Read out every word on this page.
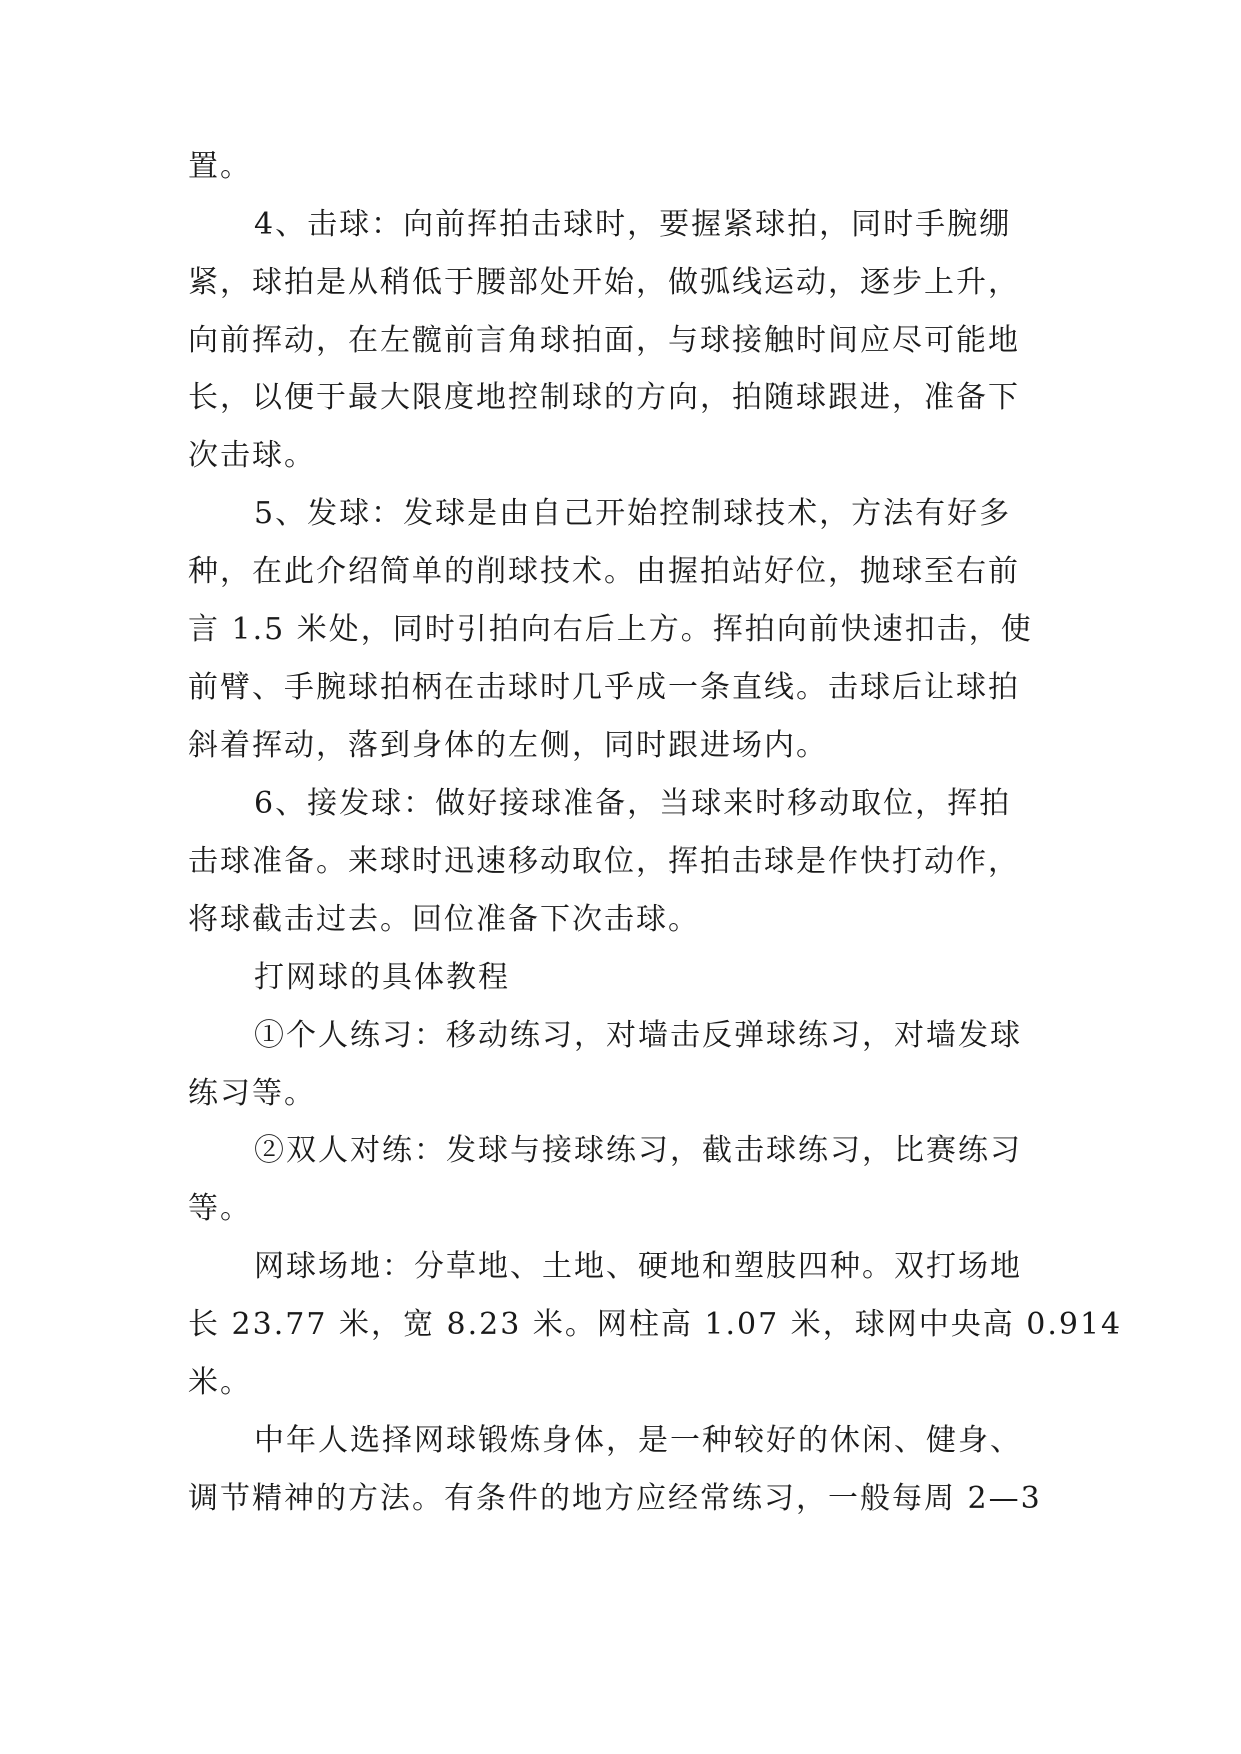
置。
4、击球：向前挥拍击球时，要握紧球拍，同时手腕绷
紧，球拍是从稍低于腰部处开始，做弧线运动，逐步上升，
向前挥动，在左髋前言角球拍面，与球接触时间应尽可能地
长，以便于最大限度地控制球的方向，拍随球跟进，准备下
次击球。
5、发球：发球是由自己开始控制球技术，方法有好多
种，在此介绍简单的削球技术。由握拍站好位，抛球至右前
言 1.5 米处，同时引拍向右后上方。挥拍向前快速扣击，使
前臂、手腕球拍柄在击球时几乎成一条直线。击球后让球拍
斜着挥动，落到身体的左侧，同时跟进场内。
6、接发球：做好接球准备，当球来时移动取位，挥拍
击球准备。来球时迅速移动取位，挥拍击球是作快打动作，
将球截击过去。回位准备下次击球。
打网球的具体教程
①个人练习：移动练习，对墙击反弹球练习，对墙发球
练习等。
②双人对练：发球与接球练习，截击球练习，比赛练习
等。
网球场地：分草地、土地、硬地和塑肢四种。双打场地
长 23.77 米，宽 8.23 米。网柱高 1.07 米，球网中央高 0.914
米。
中年人选择网球锻炼身体，是一种较好的休闲、健身、
调节精神的方法。有条件的地方应经常练习，一般每周 2—3
